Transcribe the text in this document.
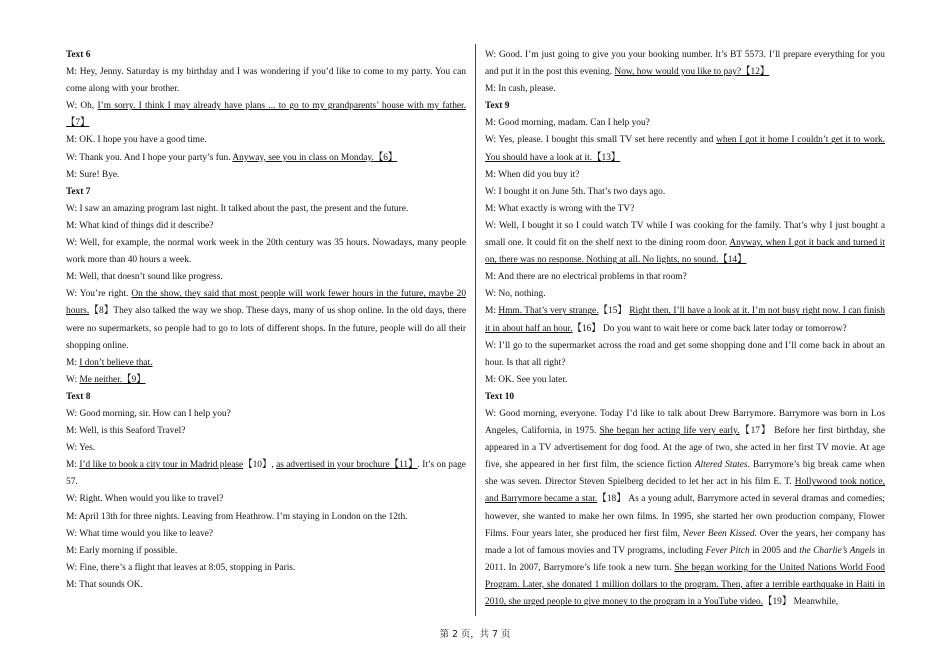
Text 6

M: Hey, Jenny. Saturday is my birthday and I was wondering if you’d like to come to my party. You can come along with your brother.

W: Oh, I’m sorry. I think I may already have plans ... to go to my grandparents’ house with my father.【7】

M: OK. I hope you have a good time.

W: Thank you. And I hope your party’s fun. Anyway, see you in class on Monday.【6】

M: Sure! Bye.

Text 7

W: I saw an amazing program last night. It talked about the past, the present and the future.

M: What kind of things did it describe?

W: Well, for example, the normal work week in the 20th century was 35 hours. Nowadays, many people work more than 40 hours a week.

M: Well, that doesn’t sound like progress.

W: You’re right. On the show, they said that most people will work fewer hours in the future, maybe 20 hours.【8】They also talked the way we shop. These days, many of us shop online. In the old days, there were no supermarkets, so people had to go to lots of different shops. In the future, people will do all their shopping online.

M: I don’t believe that.

W: Me neither.【9】

Text 8

W: Good morning, sir. How can I help you?

M: Well, is this Seaford Travel?

W: Yes.

M: I’d like to book a city tour in Madrid please【10】, as advertised in your brochure【11】. It’s on page 57.

W: Right. When would you like to travel?

M: April 13th for three nights. Leaving from Heathrow. I’m staying in London on the 12th.

W: What time would you like to leave?

M: Early morning if possible.

W: Fine, there’s a flight that leaves at 8:05, stopping in Paris.

M: That sounds OK.

W: Good. I’m just going to give you your booking number. It’s BT 5573. I’ll prepare everything for you and put it in the post this evening. Now, how would you like to pay?【12】

M: In cash, please.

Text 9

M: Good morning, madam. Can I help you?

W: Yes, please. I bought this small TV set here recently and when I got it home I couldn’t get it to work. You should have a look at it.【13】

M: When did you buy it?

W: I bought it on June 5th. That’s two days ago.

M: What exactly is wrong with the TV?

W: Well, I bought it so I could watch TV while I was cooking for the family. That’s why I just bought a small one. It could fit on the shelf next to the dining room door. Anyway, when I got it back and turned it on, there was no response. Nothing at all. No lights, no sound.【14】

M: And there are no electrical problems in that room?

W: No, nothing.

M: Hmm. That’s very strange.【15】 Right then, I’ll have a look at it. I’m not busy right now. I can finish it in about half an hour.【16】 Do you want to wait here or come back later today or tomorrow?

W: I’ll go to the supermarket across the road and get some shopping done and I’ll come back in about an hour. Is that all right?

M: OK. See you later.

Text 10

W: Good morning, everyone. Today I’d like to talk about Drew Barrymore. Barrymore was born in Los Angeles, California, in 1975. She began her acting life very early.【17】 Before her first birthday, she appeared in a TV advertisement for dog food. At the age of two, she acted in her first TV movie. At age five, she appeared in her first film, the science fiction Altered States. Barrymore’s big break came when she was seven. Director Steven Spielberg decided to let her act in his film E. T. Hollywood took notice, and Barrymore became a star.【18】 As a young adult, Barrymore acted in several dramas and comedies; however, she wanted to make her own films. In 1995, she started her own production company, Flower Films. Four years later, she produced her first film, Never Been Kissed. Over the years, her company has made a lot of famous movies and TV programs, including Fever Pitch in 2005 and the Charlie’s Angels in 2011. In 2007, Barrymore’s life took a new turn. She began working for the United Nations World Food Program. Later, she donated 1 million dollars to the program. Then, after a terrible earthquake in Haiti in 2010, she urged people to give money to the program in a YouTube video.【19】 Meanwhile,

第 2 页，共 7 页
